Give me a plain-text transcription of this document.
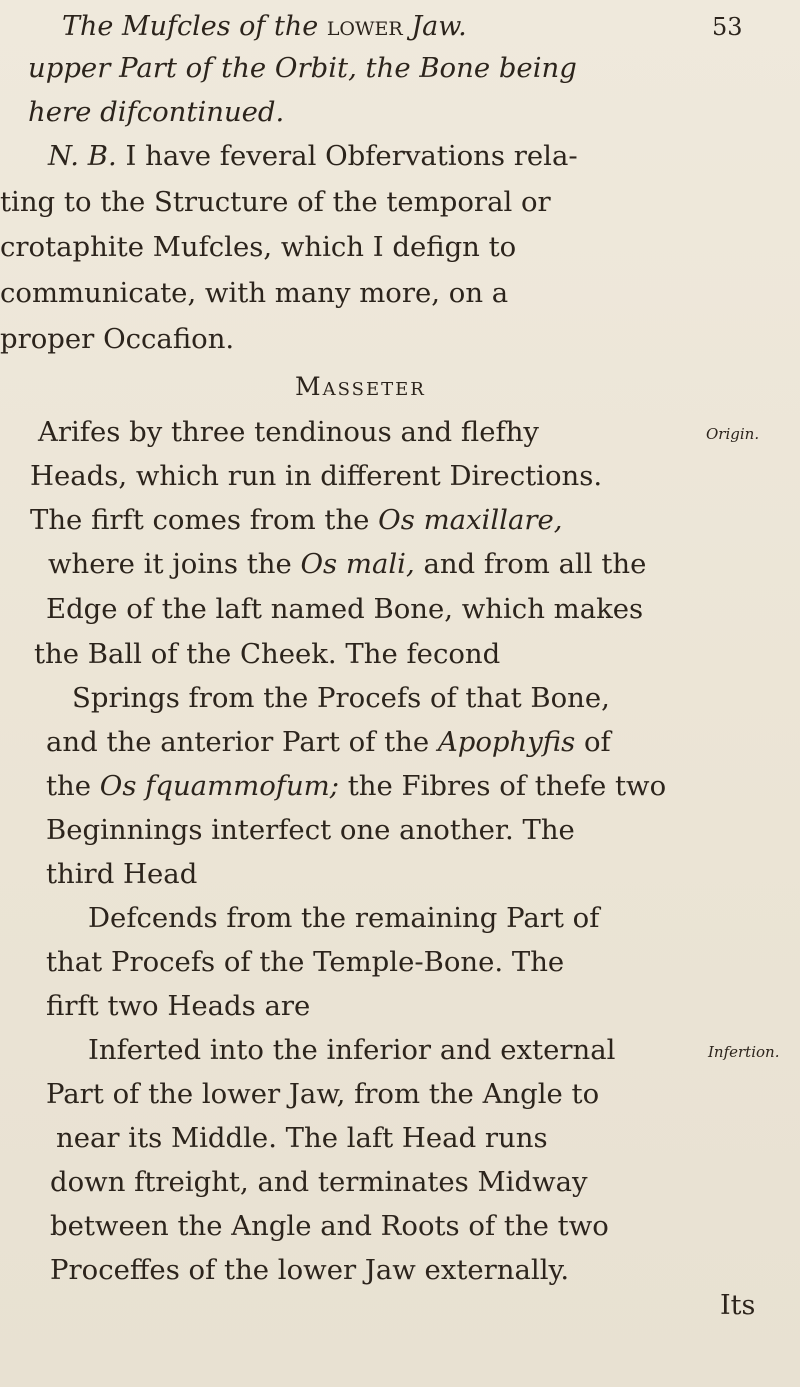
The Mufcles of the lower Jaw.	53
upper Part of the Orbit, the Bone being
here difcontinued.
N. B. I have feveral Obfervations rela-
ting to the Structure of the temporal or
crotaphite Mufcles, which I defign to
communicate, with many more, on a
proper Occafion.
Masseter
Arifes by three tendinous and flefhy
Heads, which run in different Directions.
The firft comes from the Os maxillare,
where it joins the Os mali, and from all the
Edge of the laft named Bone, which makes
the Ball of the Cheek. The fecond
Springs from the Procefs of that Bone,
and the anterior Part of the Apophyfis of
the Os fquammofum; the Fibres of thefe two
Beginnings interfect one another. The
third Head
Defcends from the remaining Part of
that Procefs of the Temple-Bone. The
firft two Heads are
Inferted into the inferior and external
Part of the lower Jaw, from the Angle to
near its Middle. The laft Head runs
down ftreight, and terminates Midway
between the Angle and Roots of the two
Proceffes of the lower Jaw externally.
Its
Origin.
Infertion.
